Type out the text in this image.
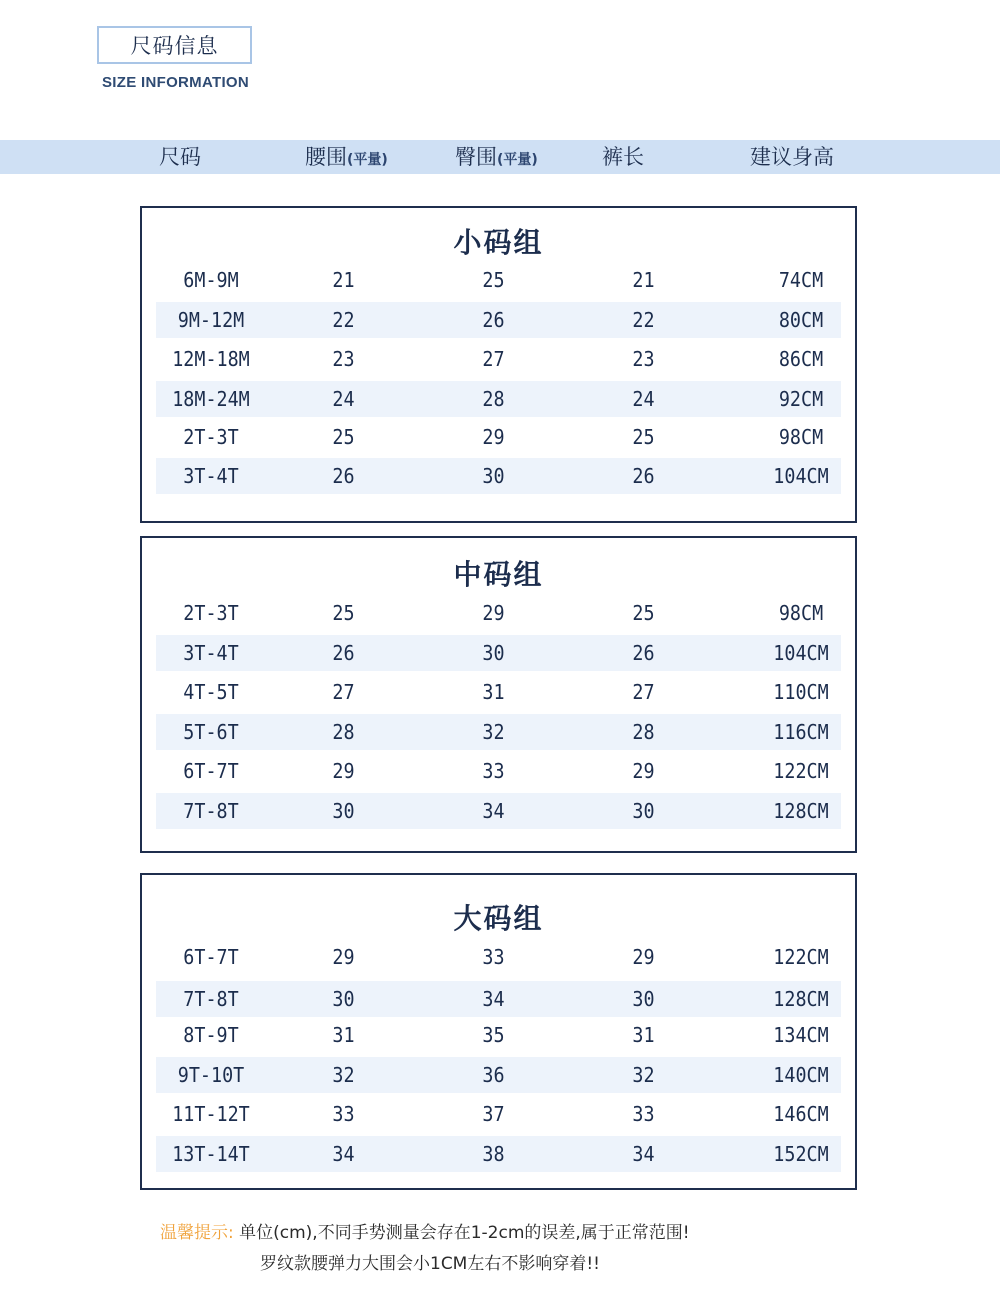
尺码信息
SIZE INFORMATION
尺码	腰围(平量)	臀围(平量)	裤长	建议身高
小码组
6M-9M	21	25	21	74CM
9M-12M	22	26	22	80CM
12M-18M	23	27	23	86CM
18M-24M	24	28	24	92CM
2T-3T	25	29	25	98CM
3T-4T	26	30	26	104CM
中码组
2T-3T	25	29	25	98CM
3T-4T	26	30	26	104CM
4T-5T	27	31	27	110CM
5T-6T	28	32	28	116CM
6T-7T	29	33	29	122CM
7T-8T	30	34	30	128CM
大码组
6T-7T	29	33	29	122CM
7T-8T	30	34	30	128CM
8T-9T	31	35	31	134CM
9T-10T	32	36	32	140CM
11T-12T	33	37	33	146CM
13T-14T	34	38	34	152CM
温馨提示: 单位(cm),不同手势测量会存在1-2cm的误差,属于正常范围!
罗纹款腰弹力大围会小1CM左右不影响穿着!!
